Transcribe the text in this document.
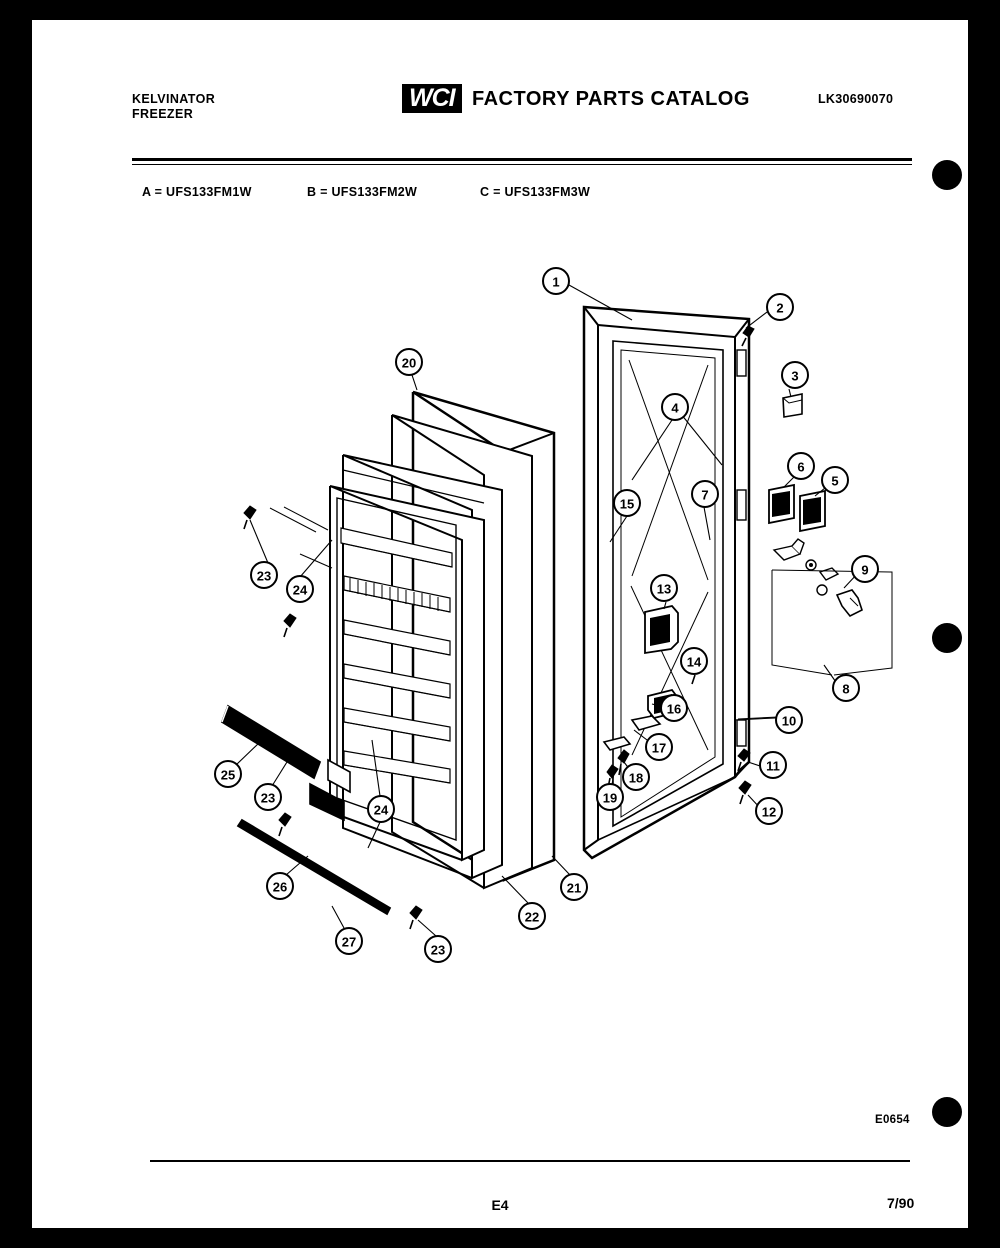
KELVINATOR
FREEZER
WCI FACTORY PARTS CATALOG	LK30690070
A = UFS133FM1W	B = UFS133FM2W	C = UFS133FM3W
1
2
3
4
5
6
7
8
9
10
11
12
13
14
15
16
17
18
19
20
21
22
23
24
23
24
25
26
27
23
E0654
E4	7/90
